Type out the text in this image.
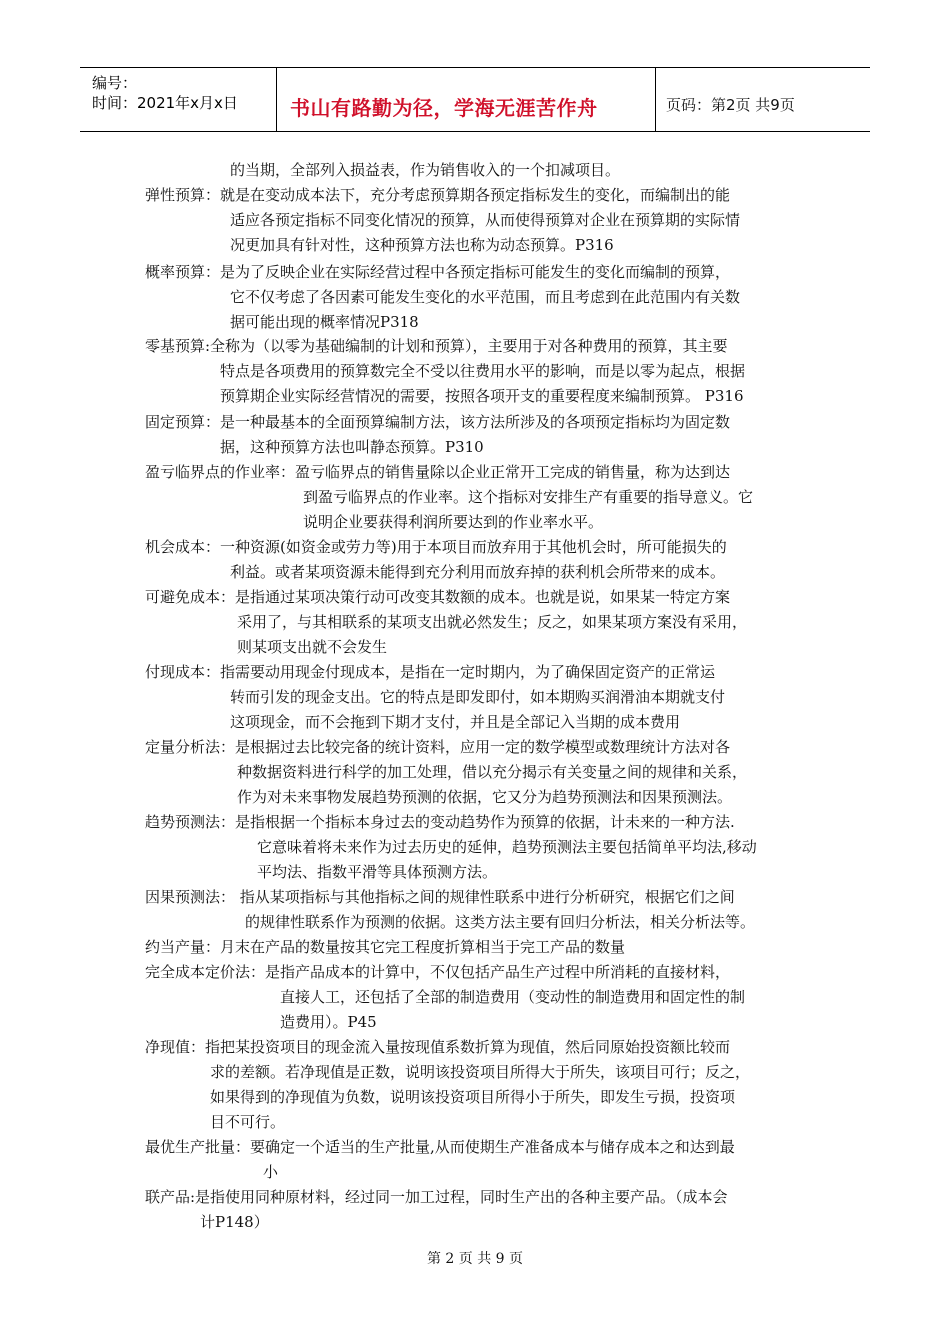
编号：
时间：2021年x月x日	书山有路勤为径，学海无涯苦作舟	页码：第2页 共9页
的当期，全部列入损益表，作为销售收入的一个扣减项目。
弹性预算：就是在变动成本法下，充分考虑预算期各预定指标发生的变化，而编制出的能
适应各预定指标不同变化情况的预算，从而使得预算对企业在预算期的实际情
况更加具有针对性，这种预算方法也称为动态预算。P316
概率预算：是为了反映企业在实际经营过程中各预定指标可能发生的变化而编制的预算，
它不仅考虑了各因素可能发生变化的水平范围，而且考虑到在此范围内有关数
据可能出现的概率情况P318
零基预算:全称为（以零为基础编制的计划和预算），主要用于对各种费用的预算，其主要
特点是各项费用的预算数完全不受以往费用水平的影响，而是以零为起点，根据
预算期企业实际经营情况的需要，按照各项开支的重要程度来编制预算。 P316
固定预算：是一种最基本的全面预算编制方法，该方法所涉及的各项预定指标均为固定数
据，这种预算方法也叫静态预算。P310
盈亏临界点的作业率：盈亏临界点的销售量除以企业正常开工完成的销售量，称为达到达
到盈亏临界点的作业率。这个指标对安排生产有重要的指导意义。它
说明企业要获得利润所要达到的作业率水平。
机会成本：一种资源(如资金或劳力等)用于本项目而放弃用于其他机会时，所可能损失的
利益。或者某项资源未能得到充分利用而放弃掉的获利机会所带来的成本。
可避免成本：是指通过某项决策行动可改变其数额的成本。也就是说，如果某一特定方案
采用了，与其相联系的某项支出就必然发生；反之，如果某项方案没有采用，
则某项支出就不会发生
付现成本：指需要动用现金付现成本，是指在一定时期内，为了确保固定资产的正常运
转而引发的现金支出。它的特点是即发即付，如本期购买润滑油本期就支付
这项现金，而不会拖到下期才支付，并且是全部记入当期的成本费用
定量分析法：是根据过去比较完备的统计资料，应用一定的数学模型或数理统计方法对各
种数据资料进行科学的加工处理，借以充分揭示有关变量之间的规律和关系，
作为对未来事物发展趋势预测的依据，它又分为趋势预测法和因果预测法。
趋势预测法：是指根据一个指标本身过去的变动趋势作为预算的依据，计未来的一种方法.
它意味着将未来作为过去历史的延伸，趋势预测法主要包括简单平均法,移动
平均法、指数平滑等具体预测方法。
因果预测法： 指从某项指标与其他指标之间的规律性联系中进行分析研究，根据它们之间
的规律性联系作为预测的依据。这类方法主要有回归分析法，相关分析法等。
约当产量：月末在产品的数量按其它完工程度折算相当于完工产品的数量
完全成本定价法：是指产品成本的计算中，不仅包括产品生产过程中所消耗的直接材料，
直接人工，还包括了全部的制造费用（变动性的制造费用和固定性的制
造费用）。P45
净现值：指把某投资项目的现金流入量按现值系数折算为现值，然后同原始投资额比较而
求的差额。若净现值是正数，说明该投资项目所得大于所失，该项目可行；反之，
如果得到的净现值为负数，说明该投资项目所得小于所失，即发生亏损，投资项
目不可行。
最优生产批量：要确定一个适当的生产批量,从而使期生产准备成本与储存成本之和达到最
小
联产品:是指使用同种原材料，经过同一加工过程，同时生产出的各种主要产品。（成本会
计P148）
第 2 页 共 9 页
